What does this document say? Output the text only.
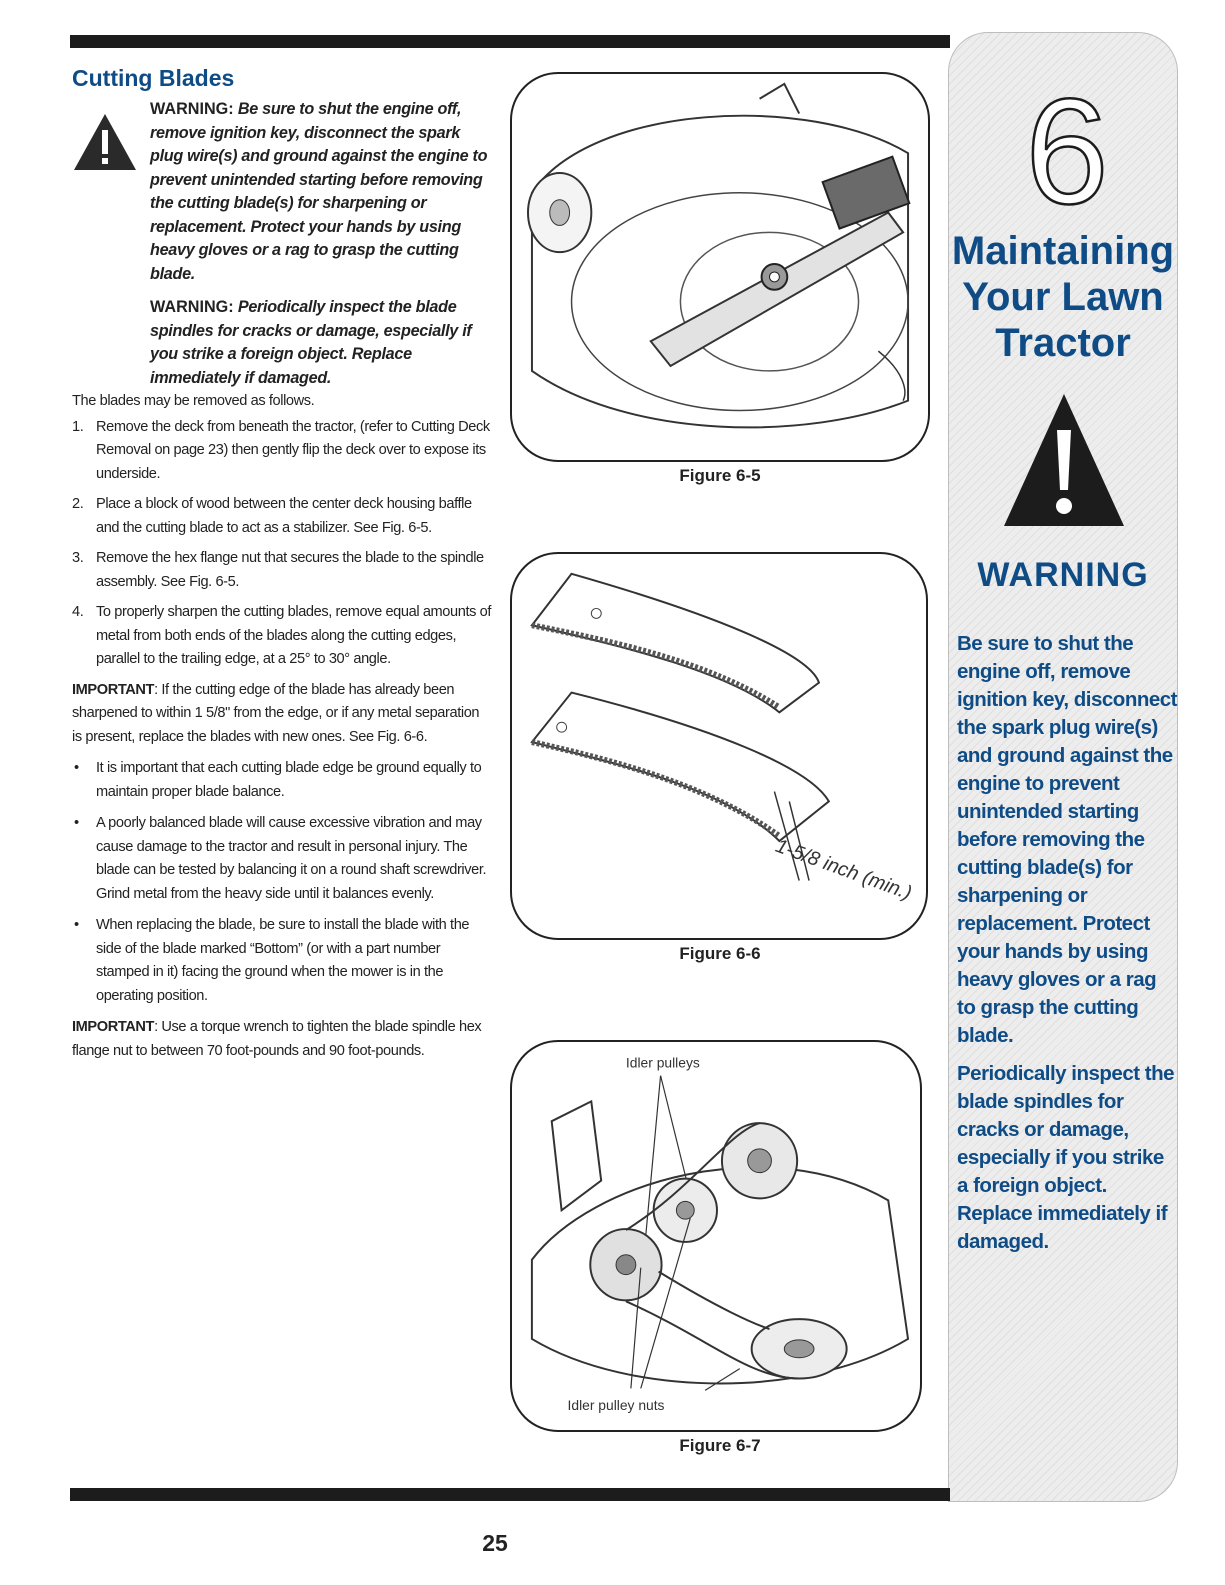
Cutting Blades

WARNING: Be sure to shut the engine off, remove ignition key, disconnect the spark plug wire(s) and ground against the engine to prevent unintended starting before removing the cutting blade(s) for sharpening or replacement. Protect your hands by using heavy gloves or a rag to grasp the cutting blade.

WARNING: Periodically inspect the blade spindles for cracks or damage, especially if you strike a foreign object. Replace immediately if damaged.

The blades may be removed as follows.

1. Remove the deck from beneath the tractor, (refer to Cutting Deck Removal on page 23) then gently flip the deck over to expose its underside.
2. Place a block of wood between the center deck housing baffle and the cutting blade to act as a stabilizer. See Fig. 6-5.
3. Remove the hex flange nut that secures the blade to the spindle assembly. See Fig. 6-5.
4. To properly sharpen the cutting blades, remove equal amounts of metal from both ends of the blades along the cutting edges, parallel to the trailing edge, at a 25° to 30° angle.

IMPORTANT: If the cutting edge of the blade has already been sharpened to within 1 5/8" from the edge, or if any metal separation is present, replace the blades with new ones. See Fig. 6-6.

• It is important that each cutting blade edge be ground equally to maintain proper blade balance.
• A poorly balanced blade will cause excessive vibration and may cause damage to the tractor and result in personal injury. The blade can be tested by balancing it on a round shaft screwdriver. Grind metal from the heavy side until it balances evenly.
• When replacing the blade, be sure to install the blade with the side of the blade marked “Bottom” (or with a part number stamped in it) facing the ground when the mower is in the operating position.

IMPORTANT: Use a torque wrench to tighten the blade spindle hex flange nut to between 70 foot-pounds and 90 foot-pounds.

Figure 6-5
1-5/8 inch (min.)
Figure 6-6
Idler pulleys
Idler pulley nuts
Figure 6-7
6
Maintaining
Your Lawn
Tractor
WARNING
Be sure to shut the engine off, remove ignition key, disconnect the spark plug wire(s) and ground against the engine to prevent unintended starting before removing the cutting blade(s) for sharpening or replacement. Protect your hands by using heavy gloves or a rag to grasp the cutting blade.
Periodically inspect the blade spindles for cracks or damage, especially if you strike a foreign object. Replace immediately if damaged.
25
